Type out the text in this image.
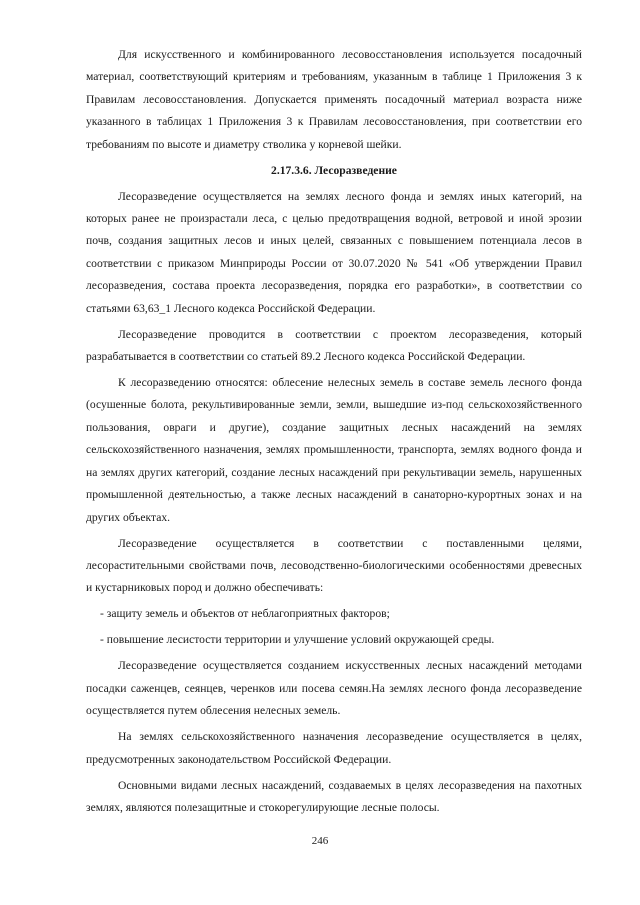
Для искусственного и комбинированного лесовосстановления используется посадочный материал, соответствующий критериям и требованиям, указанным в таблице 1 Приложения 3 к Правилам лесовосстановления. Допускается применять посадочный материал возраста ниже указанного в таблицах 1 Приложения 3 к Правилам лесовосстановления, при соответствии его требованиям по высоте и диаметру стволика у корневой шейки.

2.17.3.6. Лесоразведение

Лесоразведение осуществляется на землях лесного фонда и землях иных категорий, на которых ранее не произрастали леса, с целью предотвращения водной, ветровой и иной эрозии почв, создания защитных лесов и иных целей, связанных с повышением потенциала лесов в соответствии с приказом Минприроды России от 30.07.2020 № 541 «Об утверждении Правил лесоразведения, состава проекта лесоразведения, порядка его разработки», в соответствии со статьями 63,63_1 Лесного кодекса Российской Федерации.

Лесоразведение проводится в соответствии с проектом лесоразведения, который разрабатывается в соответствии со статьей 89.2 Лесного кодекса Российской Федерации.

К лесоразведению относятся: облесение нелесных земель в составе земель лесного фонда (осушенные болота, рекультивированные земли, земли, вышедшие из-под сельскохозяйственного пользования, овраги и другие), создание защитных лесных насаждений на землях сельскохозяйственного назначения, землях промышленности, транспорта, землях водного фонда и на землях других категорий, создание лесных насаждений при рекультивации земель, нарушенных промышленной деятельностью, а также лесных насаждений в санаторно-курортных зонах и на других объектах.

Лесоразведение осуществляется в соответствии с поставленными целями, лесорастительными свойствами почв, лесоводственно-биологическими особенностями древесных и кустарниковых пород и должно обеспечивать:

- защиту земель и объектов от неблагоприятных факторов;

- повышение лесистости территории и улучшение условий окружающей среды.

Лесоразведение осуществляется созданием искусственных лесных насаждений методами посадки саженцев, сеянцев, черенков или посева семян.На землях лесного фонда лесоразведение осуществляется путем облесения нелесных земель.

На землях сельскохозяйственного назначения лесоразведение осуществляется в целях, предусмотренных законодательством Российской Федерации.

Основными видами лесных насаждений, создаваемых в целях лесоразведения на пахотных землях, являются полезащитные и стокорегулирующие лесные полосы.

246
